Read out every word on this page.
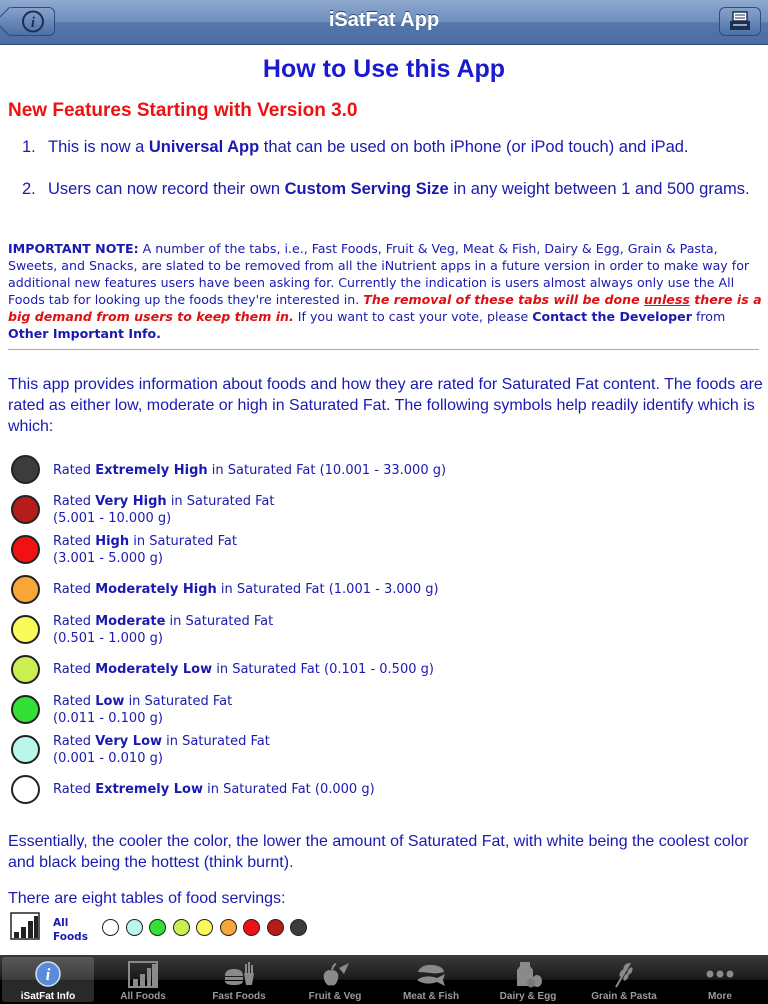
i	iSatFat App
How to Use this App
New Features Starting with Version 3.0
1. This is now a Universal App that can be used on both iPhone (or iPod touch) and iPad.
2. Users can now record their own Custom Serving Size in any weight between 1 and 500 grams.

IMPORTANT NOTE: A number of the tabs, i.e., Fast Foods, Fruit & Veg, Meat & Fish, Dairy & Egg, Grain & Pasta, Sweets, and Snacks, are slated to be removed from all the iNutrient apps in a future version in order to make way for additional new features users have been asking for. Currently the indication is users almost always only use the All Foods tab for looking up the foods they're interested in. The removal of these tabs will be done unless there is a big demand from users to keep them in. If you want to cast your vote, please Contact the Developer from Other Important Info.

This app provides information about foods and how they are rated for Saturated Fat content. The foods are rated as either low, moderate or high in Saturated Fat. The following symbols help readily identify which is which:

Rated Extremely High in Saturated Fat (10.001 - 33.000 g)

Rated Very High in Saturated Fat
(5.001 - 10.000 g)
Rated High in Saturated Fat
(3.001 - 5.000 g)
Rated Moderately High in Saturated Fat (1.001 - 3.000 g)
Rated Moderate in Saturated Fat
(0.501 - 1.000 g)
Rated Moderately Low in Saturated Fat (0.101 - 0.500 g)
Rated Low in Saturated Fat
(0.011 - 0.100 g)
Rated Very Low in Saturated Fat
(0.001 - 0.010 g)
Rated Extremely Low in Saturated Fat (0.000 g)

Essentially, the cooler the color, the lower the amount of Saturated Fat, with white being the coolest color and black being the hottest (think burnt).

There are eight tables of food servings:

All Foods
i
iSatFat Info	All Foods	Fast Foods	Fruit & Veg	Meat & Fish	Dairy & Egg	Grain & Pasta	More
